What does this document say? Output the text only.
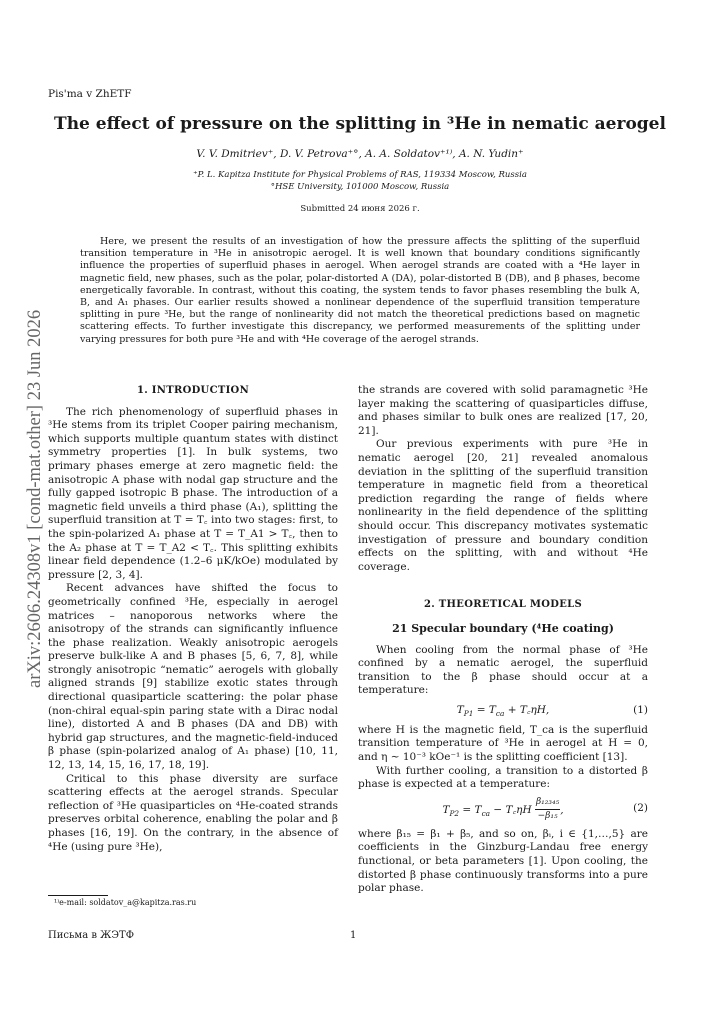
Pis'ma v ZhETF
The effect of pressure on the splitting in ³He in nematic aerogel
V. V. Dmitriev⁺, D. V. Petrova⁺°, A. A. Soldatov⁺¹⁾, A. N. Yudin⁺
⁺P. L. Kapitza Institute for Physical Problems of RAS, 119334 Moscow, Russia
°HSE University, 101000 Moscow, Russia
Submitted 24 июня 2026 г.
Here, we present the results of an investigation of how the pressure affects the splitting of the superfluid transition temperature in ³He in anisotropic aerogel. It is well known that boundary conditions significantly influence the properties of superfluid phases in aerogel. When aerogel strands are coated with a ⁴He layer in magnetic field, new phases, such as the polar, polar-distorted A (DA), polar-distorted B (DB), and β phases, become energetically favorable. In contrast, without this coating, the system tends to favor phases resembling the bulk A, B, and A₁ phases. Our earlier results showed a nonlinear dependence of the superfluid transition temperature splitting in pure ³He, but the range of nonlinearity did not match the theoretical predictions based on magnetic scattering effects. To further investigate this discrepancy, we performed measurements of the splitting under varying pressures for both pure ³He and with ⁴He coverage of the aerogel strands.
arXiv:2606.24308v1 [cond-mat.other] 23 Jun 2026	1. INTRODUCTION

The rich phenomenology of superfluid phases in ³He stems from its triplet Cooper pairing mechanism, which supports multiple quantum states with distinct symmetry properties [1]. In bulk systems, two primary phases emerge at zero magnetic field: the anisotropic A phase with nodal gap structure and the fully gapped isotropic B phase. The introduction of a magnetic field unveils a third phase (A₁), splitting the superfluid transition at T = T꜀ into two stages: first, to the spin-polarized A₁ phase at T = T_A1 > T꜀, then to the A₂ phase at T = T_A2 < T꜀. This splitting exhibits linear field dependence (1.2–6 μK/kOe) modulated by pressure [2, 3, 4].

Recent advances have shifted the focus to geometrically confined ³He, especially in aerogel matrices – nanoporous networks where the anisotropy of the strands can significantly influence the phase realization. Weakly anisotropic aerogels preserve bulk-like A and B phases [5, 6, 7, 8], while strongly anisotropic “nematic” aerogels with globally aligned strands [9] stabilize exotic states through directional quasiparticle scattering: the polar phase (non-chiral equal-spin paring state with a Dirac nodal line), distorted A and B phases (DA and DB) with hybrid gap structures, and the magnetic-field-induced β phase (spin-polarized analog of A₁ phase) [10, 11, 12, 13, 14, 15, 16, 17, 18, 19].

Critical to this phase diversity are surface scattering effects at the aerogel strands. Specular reflection of ³He quasiparticles on ⁴He-coated strands preserves orbital coherence, enabling the polar and β phases [16, 19]. On the contrary, in the absence of ⁴He (using pure ³He),

the strands are covered with solid paramagnetic ³He layer making the scattering of quasiparticles diffuse, and phases similar to bulk ones are realized [17, 20, 21].

Our previous experiments with pure ³He in nematic aerogel [20, 21] revealed anomalous deviation in the splitting of the superfluid transition temperature in magnetic field from a theoretical prediction regarding the range of fields where nonlinearity in the field dependence of the splitting should occur. This discrepancy motivates systematic investigation of pressure and boundary condition effects on the splitting, with and without ⁴He coverage.

2. THEORETICAL MODELS
21 Specular boundary (⁴He coating)

When cooling from the normal phase of ³He confined by a nematic aerogel, the superfluid transition to the β phase should occur at a temperature:

$T_{P1} = T_{ca}$ + T꜀ηH,	(1)

where H is the magnetic field, T_ca is the superfluid transition temperature of ³He in aerogel at H = 0, and η ∼ 10⁻³ kOe⁻¹ is the splitting coefficient [13].

With further cooling, a transition to a distorted β phase is expected at a temperature:

$T_{P2} = T_{ca}$ − T꜀ηH $\frac{\text{β₁₂₃₄₅}}{\text{−β₁₅}}$ ,	(2)

where β₁₅ = β₁ + β₅, and so on, βᵢ, i ∈ {1,…,5} are coefficients in the Ginzburg-Landau free energy functional, or beta parameters [1]. Upon cooling, the distorted β phase continuously transforms into a pure polar phase.

¹⁾e-mail: soldatov_a@kapitza.ras.ru
Письма в ЖЭТФ	1
